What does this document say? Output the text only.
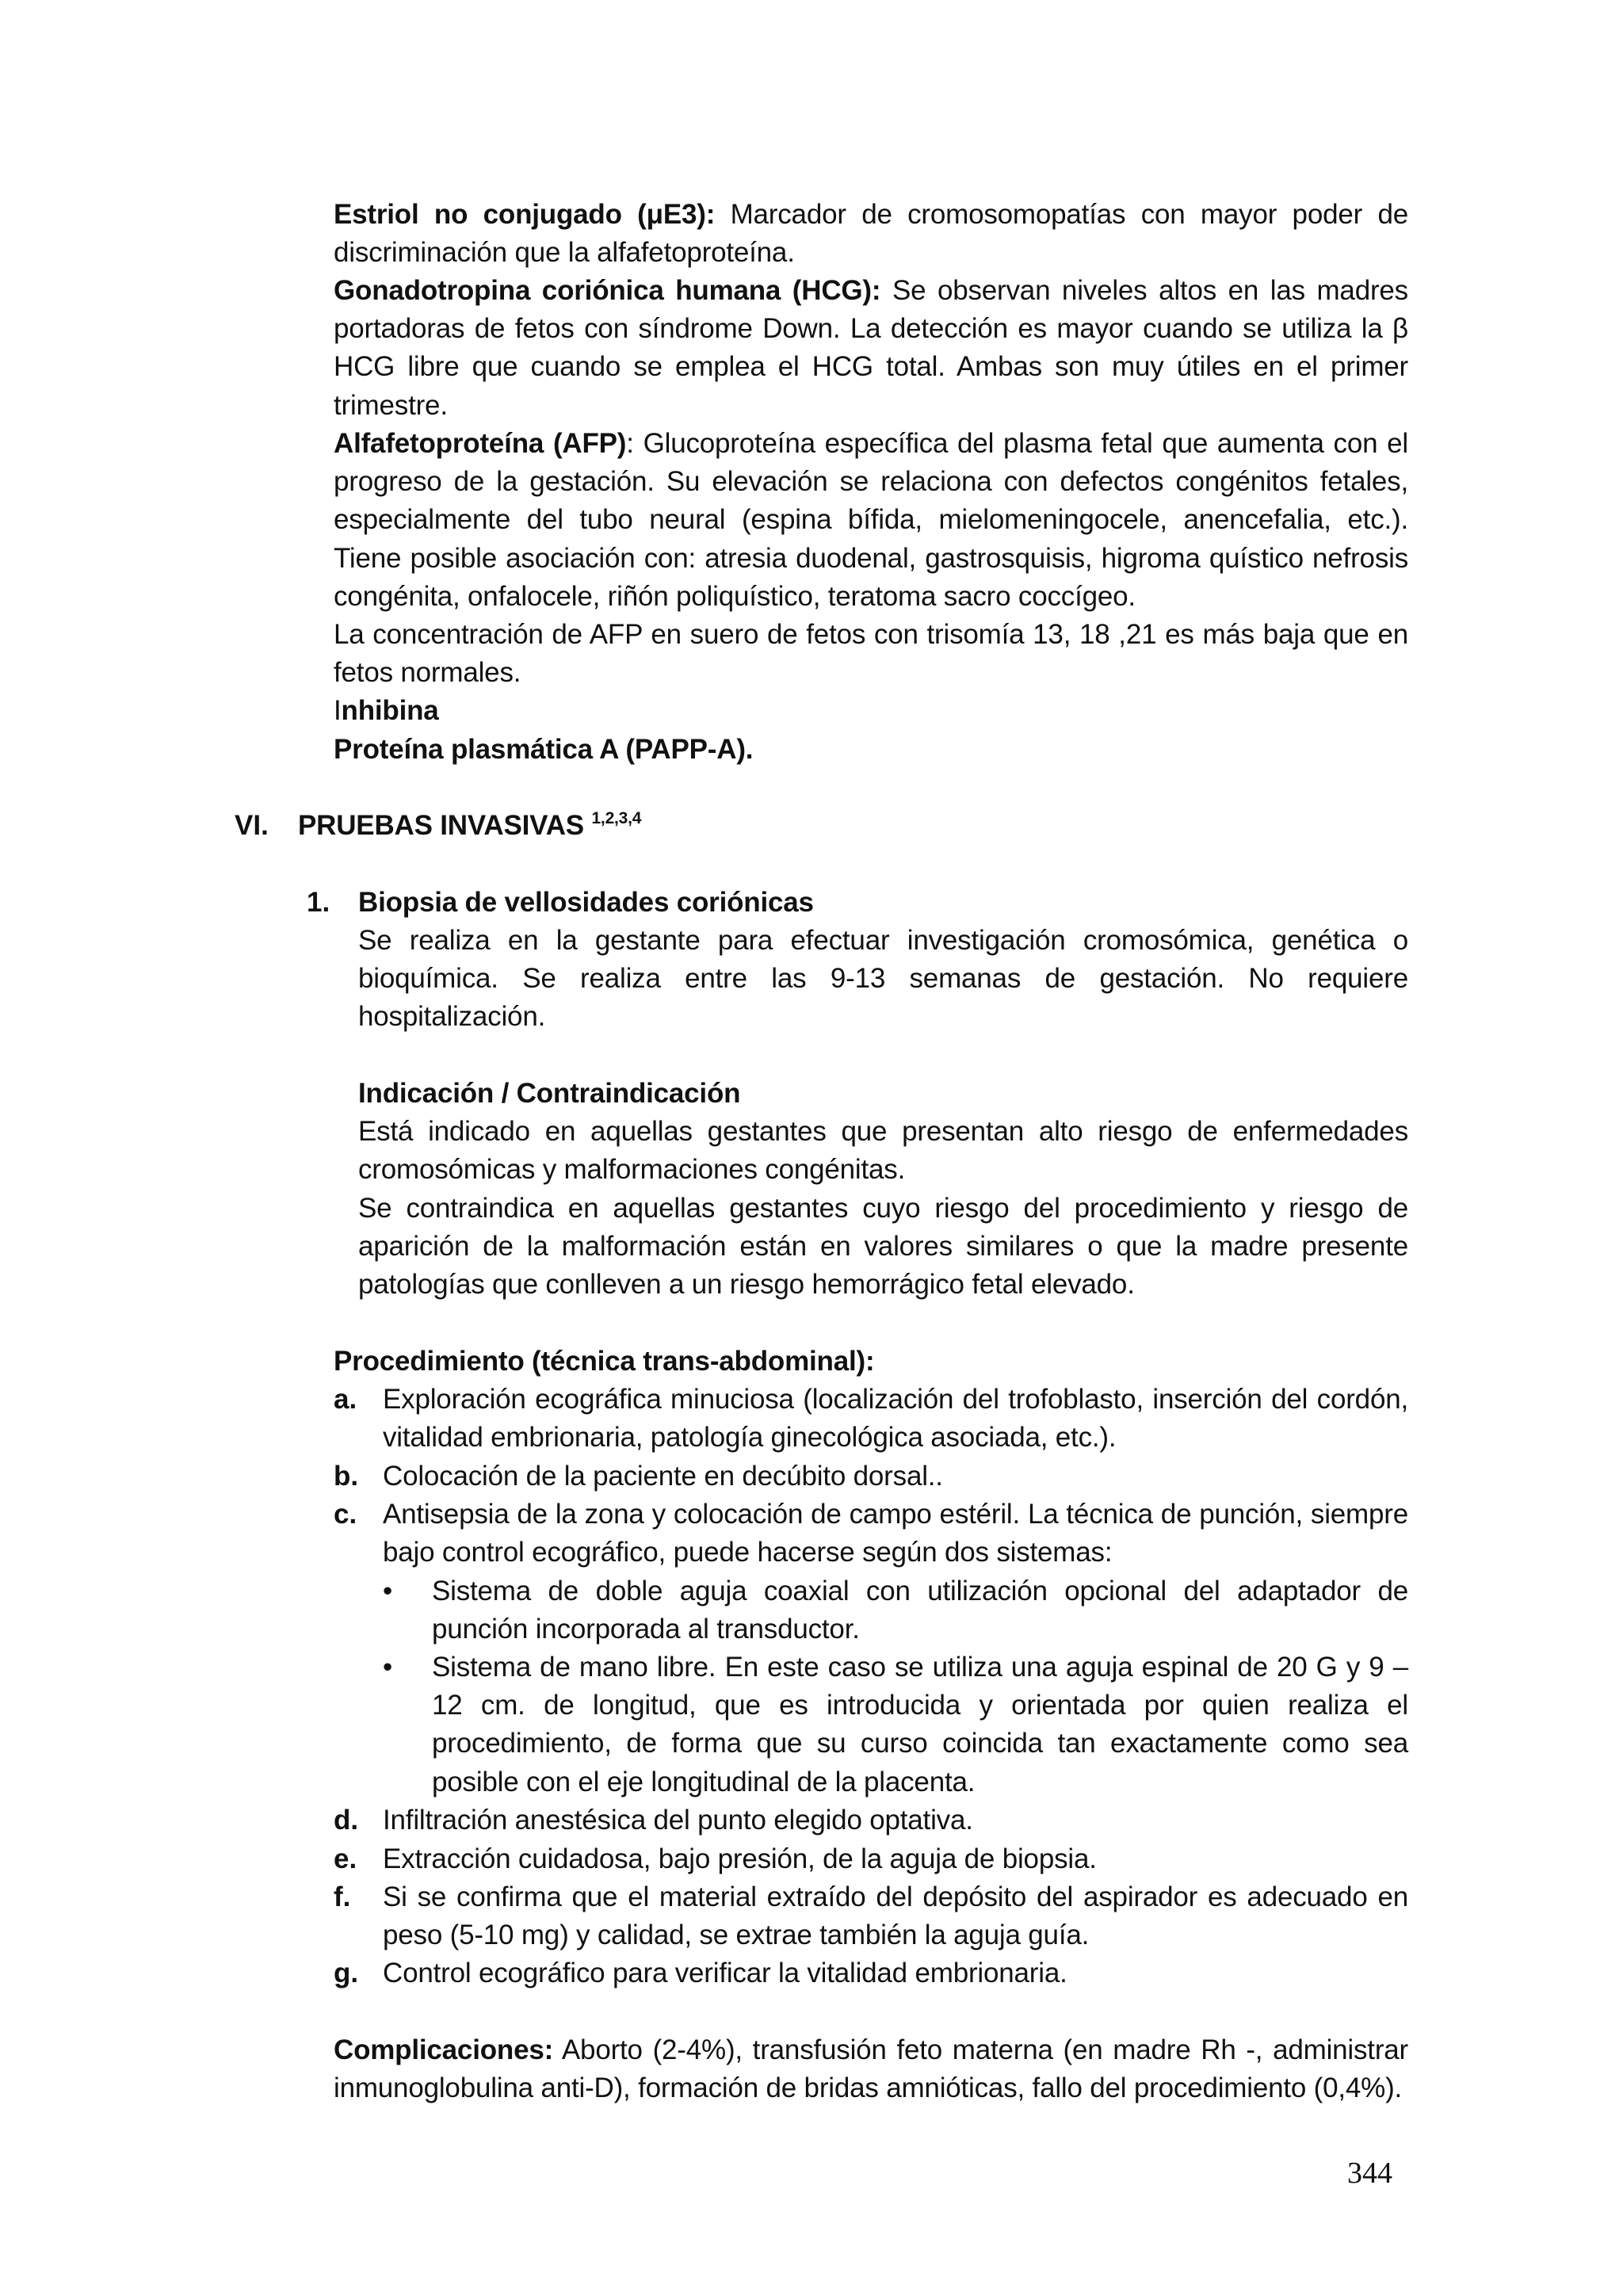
Estriol no conjugado (μE3): Marcador de cromosomopatías con mayor poder de discriminación que la alfafetoproteína.

Gonadotropina coriónica humana (HCG): Se observan niveles altos en las madres portadoras de fetos con síndrome Down. La detección es mayor cuando se utiliza la β HCG libre que cuando se emplea el HCG total. Ambas son muy útiles en el primer trimestre.

Alfafetoproteína (AFP): Glucoproteína específica del plasma fetal que aumenta con el progreso de la gestación. Su elevación se relaciona con defectos congénitos fetales, especialmente del tubo neural (espina bífida, mielomeningocele, anencefalia, etc.). Tiene posible asociación con: atresia duodenal, gastrosquisis, higroma quístico nefrosis congénita, onfalocele, riñón poliquístico, teratoma sacro coccígeo.

La concentración de AFP en suero de fetos con trisomía 13, 18 ,21 es más baja que en fetos normales.

Inhibina

Proteína plasmática A (PAPP-A).

VI. PRUEBAS INVASIVAS $^{1,2,3,4}$

1. Biopsia de vellosidades coriónicas

Se realiza en la gestante para efectuar investigación cromosómica, genética o bioquímica. Se realiza entre las 9-13 semanas de gestación. No requiere hospitalización.

Indicación / Contraindicación

Está indicado en aquellas gestantes que presentan alto riesgo de enfermedades cromosómicas y malformaciones congénitas.

Se contraindica en aquellas gestantes cuyo riesgo del procedimiento y riesgo de aparición de la malformación están en valores similares o que la madre presente patologías que conlleven a un riesgo hemorrágico fetal elevado.

Procedimiento (técnica trans-abdominal):

a. Exploración ecográfica minuciosa (localización del trofoblasto, inserción del cordón, vitalidad embrionaria, patología ginecológica asociada, etc.).

b. Colocación de la paciente en decúbito dorsal..

c. Antisepsia de la zona y colocación de campo estéril. La técnica de punción, siempre bajo control ecográfico, puede hacerse según dos sistemas:

• Sistema de doble aguja coaxial con utilización opcional del adaptador de punción incorporada al transductor.

• Sistema de mano libre. En este caso se utiliza una aguja espinal de 20 G y 9 – 12 cm. de longitud, que es introducida y orientada por quien realiza el procedimiento, de forma que su curso coincida tan exactamente como sea posible con el eje longitudinal de la placenta.

d. Infiltración anestésica del punto elegido optativa.

e. Extracción cuidadosa, bajo presión, de la aguja de biopsia.

f. Si se confirma que el material extraído del depósito del aspirador es adecuado en peso (5-10 mg) y calidad, se extrae también la aguja guía.

g. Control ecográfico para verificar la vitalidad embrionaria.

Complicaciones: Aborto (2-4%), transfusión feto materna (en madre Rh -, administrar inmunoglobulina anti-D), formación de bridas amnióticas, fallo del procedimiento (0,4%).

344
